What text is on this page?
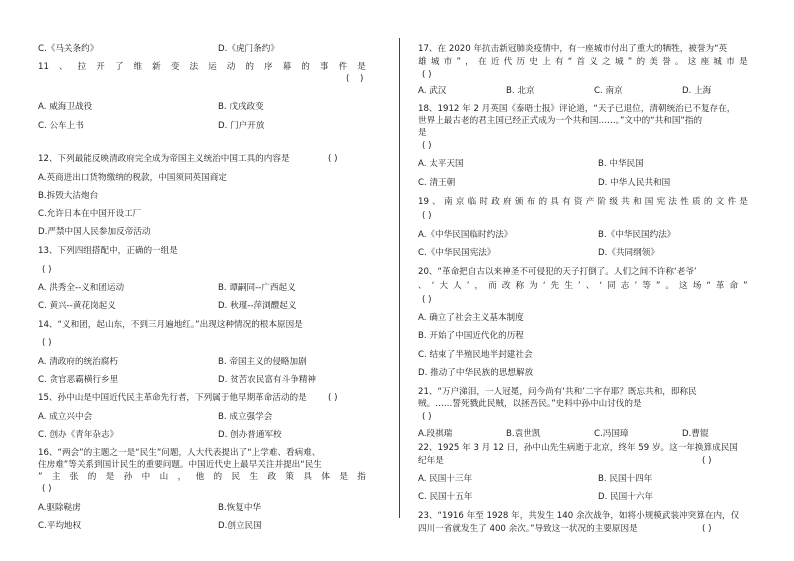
C.《马关条约》	D.《虎门条约》
11 、 拉 开 了 维 新 变 法 运 动 的 序 幕 的 事 件 是
( )
A. 威海卫战役	B. 戊戌政变
C. 公车上书	D. 门户开放
12、下列最能反映清政府完全成为帝国主义统治中国工具的内容是	( )
A.英商进出口货物缴纳的税款，中国须同英国商定
B.拆毁大沽炮台
C.允许日本在中国开设工厂
D.严禁中国人民参加反帝活动
13、下列四组搭配中，正确的一组是
( )
A. 洪秀全--义和团运动	B. 谭嗣同--广西起义
C. 黄兴--黄花岗起义	D. 秋瑾--萍浏醴起义
14、“义和团，起山东，不到三月遍地红。”出现这种情况的根本原因是
( )
A. 清政府的统治腐朽	B. 帝国主义的侵略加剧
C. 贪官恶霸横行乡里	D. 贫苦农民富有斗争精神
15、孙中山是中国近代民主革命先行者，下列属于他早期革命活动的是 ( )
A. 成立兴中会	B. 成立强学会
C. 创办《青年杂志》	D. 创办普通军校
16、“两会”的主题之一是“民生”问题，人大代表提出了“上学难、看病难、
住房难”等关系到国计民生的重要问题。中国近代史上最早关注并提出“民生
” 主 张 的 是 孙 中 山 ， 他 的 民 生 政 策 具 体 是 指
( )
A.驱除鞑虏	B.恢复中华
C.平均地权	D.创立民国
17、在 2020 年抗击新冠肺炎疫情中，有一座城市付出了重大的牺牲，被誉为“英
雄 城 市 ” ， 在 近 代 历 史 上 有 “ 首 义 之 城 ” 的 美 誉 。 这 座 城 市 是
( )
A. 武汉	B. 北京	C. 南京	D. 上海
18、1912 年 2 月英国《泰晤士报》评论道，“天子已退位，清朝统治已不复存在，
世界上最古老的君主国已经正式成为一个共和国……。”文中的“共和国”指的
是
( )
A. 太平天国	B. 中华民国
C. 清王朝	D. 中华人民共和国
19 、 南 京 临 时 政 府 颁 布 的 具 有 资 产 阶 级 共 和 国 宪 法 性 质 的 文 件 是
( )
A.《中华民国临时约法》	B.《中华民国约法》
C.《中华民国宪法》	D.《共同纲领》
20、“革命把自古以来神圣不可侵犯的天子打倒了。人们之间不许称‘老爷’
、 ‘ 大 人 ’ ， 而 改 称 为 ‘ 先 生 ’ 、 ‘ 同 志 ’ 等 ” 。 这 场 “ 革 命 ”
( )
A. 确立了社会主义基本制度
B. 开始了中国近代化的历程
C. 结束了半殖民地半封建社会
D. 推动了中华民族的思想解放
21、“万户涕泪，一人冠冕，问今尚有‘共和’二字存耶？既忘共和，即称民
贼。……誓死戮此民贼，以拯吾民。”史料中孙中山讨伐的是
( )
A.段祺瑞	B.袁世凯	C.冯国璋	D.曹锟
22、1925 年 3 月 12 日，孙中山先生病逝于北京，终年 59 岁。这一年换算成民国
纪年是	( )
A. 民国十三年	B. 民国十四年
C. 民国十五年	D. 民国十六年
23、“1916 年至 1928 年，共发生 140 余次战争，如将小规模武装冲突算在内，仅
四川一省就发生了 400 余次。”导致这一状况的主要原因是	( )
